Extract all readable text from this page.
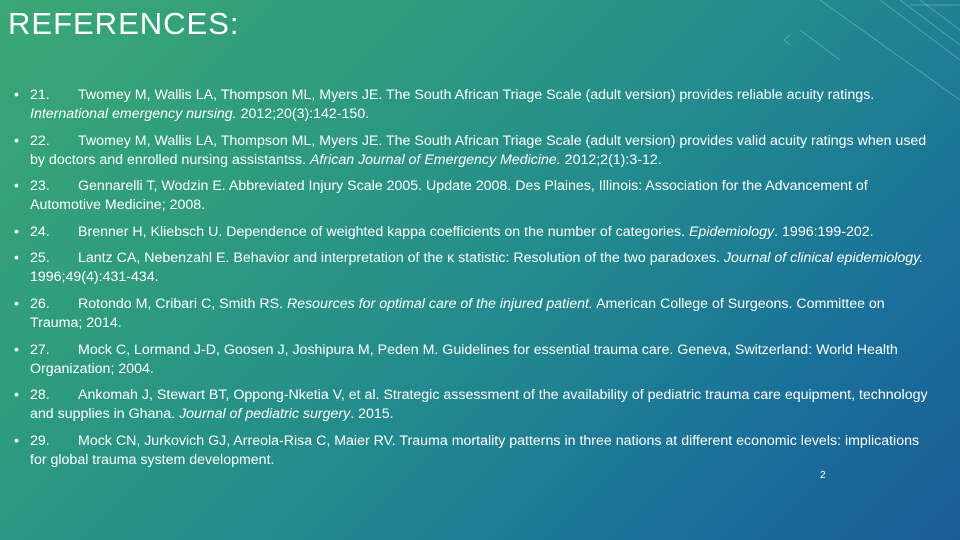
REFERENCES:
• 21. Twomey M, Wallis LA, Thompson ML, Myers JE. The South African Triage Scale (adult version) provides reliable acuity ratings. International emergency nursing. 2012;20(3):142-150.
• 22. Twomey M, Wallis LA, Thompson ML, Myers JE. The South African Triage Scale (adult version) provides valid acuity ratings when used by doctors and enrolled nursing assistantss. African Journal of Emergency Medicine. 2012;2(1):3-12.
• 23. Gennarelli T, Wodzin E. Abbreviated Injury Scale 2005. Update 2008. Des Plaines, Illinois: Association for the Advancement of Automotive Medicine; 2008.
• 24. Brenner H, Kliebsch U. Dependence of weighted kappa coefficients on the number of categories. Epidemiology. 1996:199-202.
• 25. Lantz CA, Nebenzahl E. Behavior and interpretation of the κ statistic: Resolution of the two paradoxes. Journal of clinical epidemiology. 1996;49(4):431-434.
• 26. Rotondo M, Cribari C, Smith RS. Resources for optimal care of the injured patient. American College of Surgeons. Committee on Trauma; 2014.
• 27. Mock C, Lormand J-D, Goosen J, Joshipura M, Peden M. Guidelines for essential trauma care. Geneva, Switzerland: World Health Organization; 2004.
• 28. Ankomah J, Stewart BT, Oppong-Nketia V, et al. Strategic assessment of the availability of pediatric trauma care equipment, technology and supplies in Ghana. Journal of pediatric surgery. 2015.
• 29. Mock CN, Jurkovich GJ, Arreola-Risa C, Maier RV. Trauma mortality patterns in three nations at different economic levels: implications for global trauma system development.
2
